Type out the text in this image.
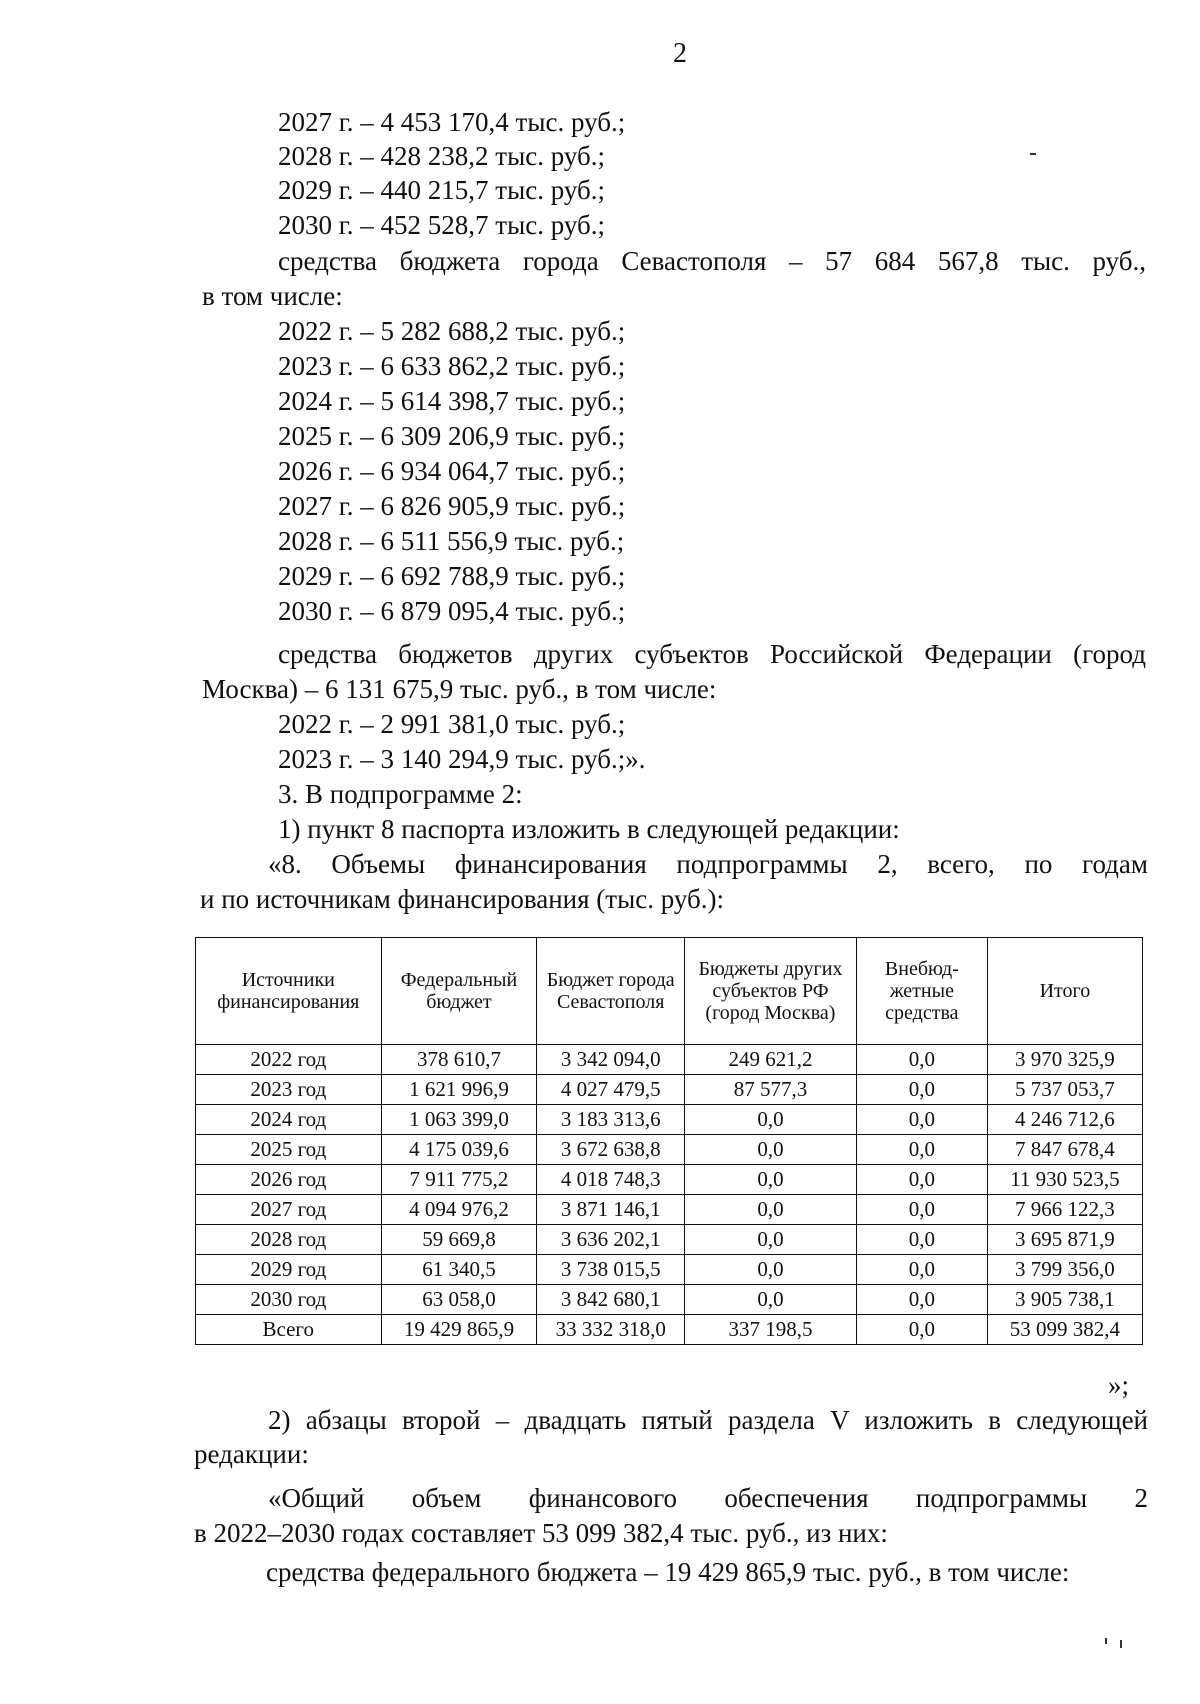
2
2027 г. – 4 453 170,4 тыс. руб.;
2028 г. – 428 238,2 тыс. руб.;
2029 г. – 440 215,7 тыс. руб.;
2030 г. – 452 528,7 тыс. руб.;
средства бюджета города Севастополя – 57 684 567,8 тыс. руб.,
в том числе:
2022 г. – 5 282 688,2 тыс. руб.;
2023 г. – 6 633 862,2 тыс. руб.;
2024 г. – 5 614 398,7 тыс. руб.;
2025 г. – 6 309 206,9 тыс. руб.;
2026 г. – 6 934 064,7 тыс. руб.;
2027 г. – 6 826 905,9 тыс. руб.;
2028 г. – 6 511 556,9 тыс. руб.;
2029 г. – 6 692 788,9 тыс. руб.;
2030 г. – 6 879 095,4 тыс. руб.;
средства бюджетов других субъектов Российской Федерации (город
Москва) – 6 131 675,9 тыс. руб., в том числе:
2022 г. – 2 991 381,0 тыс. руб.;
2023 г. – 3 140 294,9 тыс. руб.;».
3. В подпрограмме 2:
1) пункт 8 паспорта изложить в следующей редакции:
«8. Объемы финансирования подпрограммы 2, всего, по годам
и по источникам финансирования (тыс. руб.):
Источники финансирования	Федеральный бюджет	Бюджет города Севастополя	Бюджеты других субъектов РФ (город Москва)	Внебюд-жетные средства	Итого
2022 год	378 610,7	3 342 094,0	249 621,2	0,0	3 970 325,9
2023 год	1 621 996,9	4 027 479,5	87 577,3	0,0	5 737 053,7
2024 год	1 063 399,0	3 183 313,6	0,0	0,0	4 246 712,6
2025 год	4 175 039,6	3 672 638,8	0,0	0,0	7 847 678,4
2026 год	7 911 775,2	4 018 748,3	0,0	0,0	11 930 523,5
2027 год	4 094 976,2	3 871 146,1	0,0	0,0	7 966 122,3
2028 год	59 669,8	3 636 202,1	0,0	0,0	3 695 871,9
2029 год	61 340,5	3 738 015,5	0,0	0,0	3 799 356,0
2030 год	63 058,0	3 842 680,1	0,0	0,0	3 905 738,1
Всего	19 429 865,9	33 332 318,0	337 198,5	0,0	53 099 382,4
»;
2) абзацы второй – двадцать пятый раздела V изложить в следующей
редакции:
«Общий объем финансового обеспечения подпрограммы 2
в 2022–2030 годах составляет 53 099 382,4 тыс. руб., из них:
средства федерального бюджета – 19 429 865,9 тыс. руб., в том числе:
